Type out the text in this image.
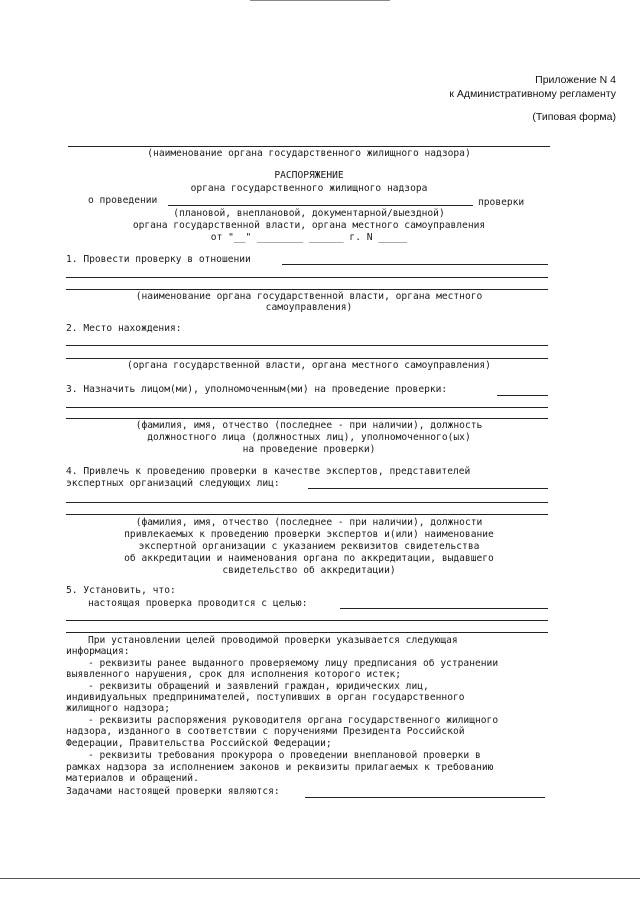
Приложение N 4
к Административному регламенту
(Типовая форма)
(наименование органа государственного жилищного надзора)
РАСПОРЯЖЕНИЕ
органа государственного жилищного надзора
о проведении	проверки
(плановой, внеплановой, документарной/выездной)
органа государственной власти, органа местного самоуправления
от "__" ________ ______ г. N _____
1. Провести проверку в отношении
(наименование органа государственной власти, органа местного
самоуправления)
2. Место нахождения:
(органа государственной власти, органа местного самоуправления)
3. Назначить лицом(ми), уполномоченным(ми) на проведение проверки:
(фамилия, имя, отчество (последнее - при наличии), должность
должностного лица (должностных лиц), уполномоченного(ых)
на проведение проверки)
4. Привлечь к проведению проверки в качестве экспертов, представителей
экспертных организаций следующих лиц:
(фамилия, имя, отчество (последнее - при наличии), должности
привлекаемых к проведению проверки экспертов и(или) наименование
экспертной организации с указанием реквизитов свидетельства
об аккредитации и наименования органа по аккредитации, выдавшего
свидетельство об аккредитации)
5. Установить, что:
настоящая проверка проводится с целью:
При установлении целей проводимой проверки указывается следующая
информация:
- реквизиты ранее выданного проверяемому лицу предписания об устранении
выявленного нарушения, срок для исполнения которого истек;
- реквизиты обращений и заявлений граждан, юридических лиц,
индивидуальных предпринимателей, поступивших в орган государственного
жилищного надзора;
- реквизиты распоряжения руководителя органа государственного жилищного
надзора, изданного в соответствии с поручениями Президента Российской
Федерации, Правительства Российской Федерации;
- реквизиты требования прокурора о проведении внеплановой проверки в
рамках надзора за исполнением законов и реквизиты прилагаемых к требованию
материалов и обращений.
Задачами настоящей проверки являются:
